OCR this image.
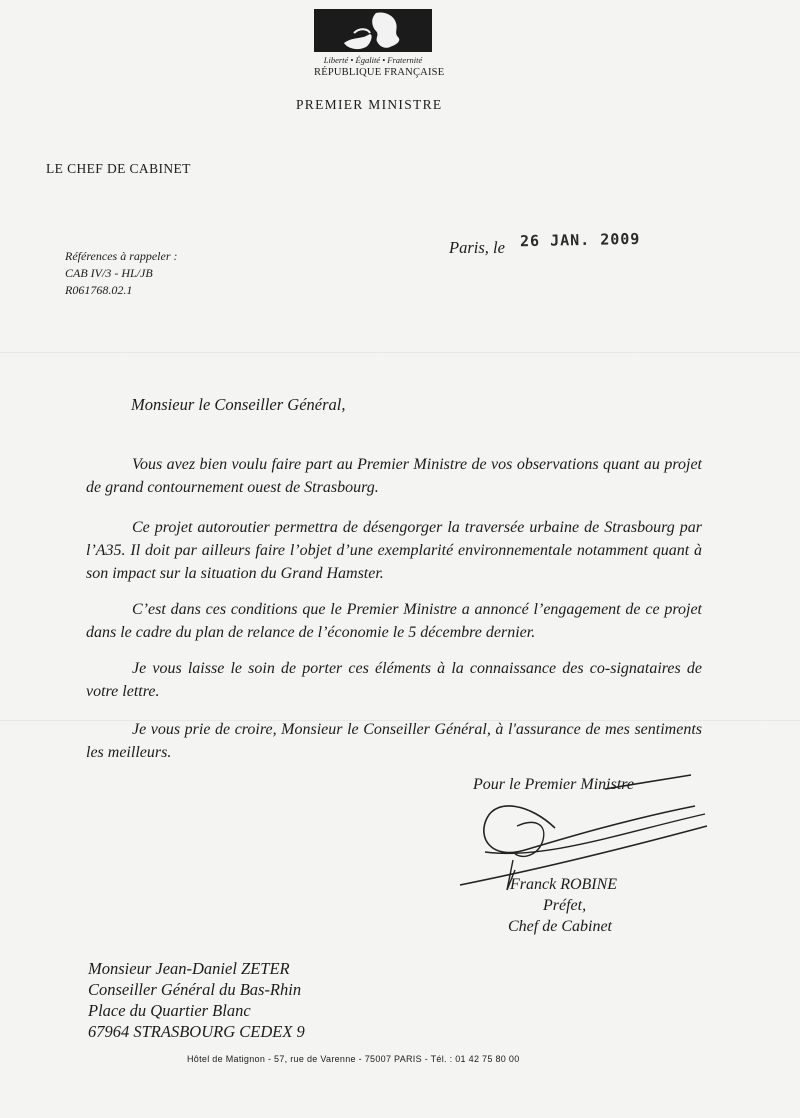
Liberté • Égalité • Fraternité
RÉPUBLIQUE FRANÇAISE
PREMIER MINISTRE
LE CHEF DE CABINET
Références à rappeler :
CAB IV/3 - HL/JB
R061768.02.1
Paris, le 26 JAN. 2009
Monsieur le Conseiller Général,

Vous avez bien voulu faire part au Premier Ministre de vos observations quant au projet de grand contournement ouest de Strasbourg.

Ce projet autoroutier permettra de désengorger la traversée urbaine de Strasbourg par l’A35. Il doit par ailleurs faire l’objet d’une exemplarité environnementale notamment quant à son impact sur la situation du Grand Hamster.

C’est dans ces conditions que le Premier Ministre a annoncé l’engagement de ce projet dans le cadre du plan de relance de l’économie le 5 décembre dernier.

Je vous laisse le soin de porter ces éléments à la connaissance des co-signataires de votre lettre.

Je vous prie de croire, Monsieur le Conseiller Général, à l'assurance de mes sentiments les meilleurs.

Pour le Premier Ministre
Franck ROBINE
Préfet,
Chef de Cabinet
Monsieur Jean-Daniel ZETER
Conseiller Général du Bas-Rhin
Place du Quartier Blanc
67964 STRASBOURG CEDEX 9
Hôtel de Matignon - 57, rue de Varenne - 75007 PARIS - Tél. : 01 42 75 80 00
